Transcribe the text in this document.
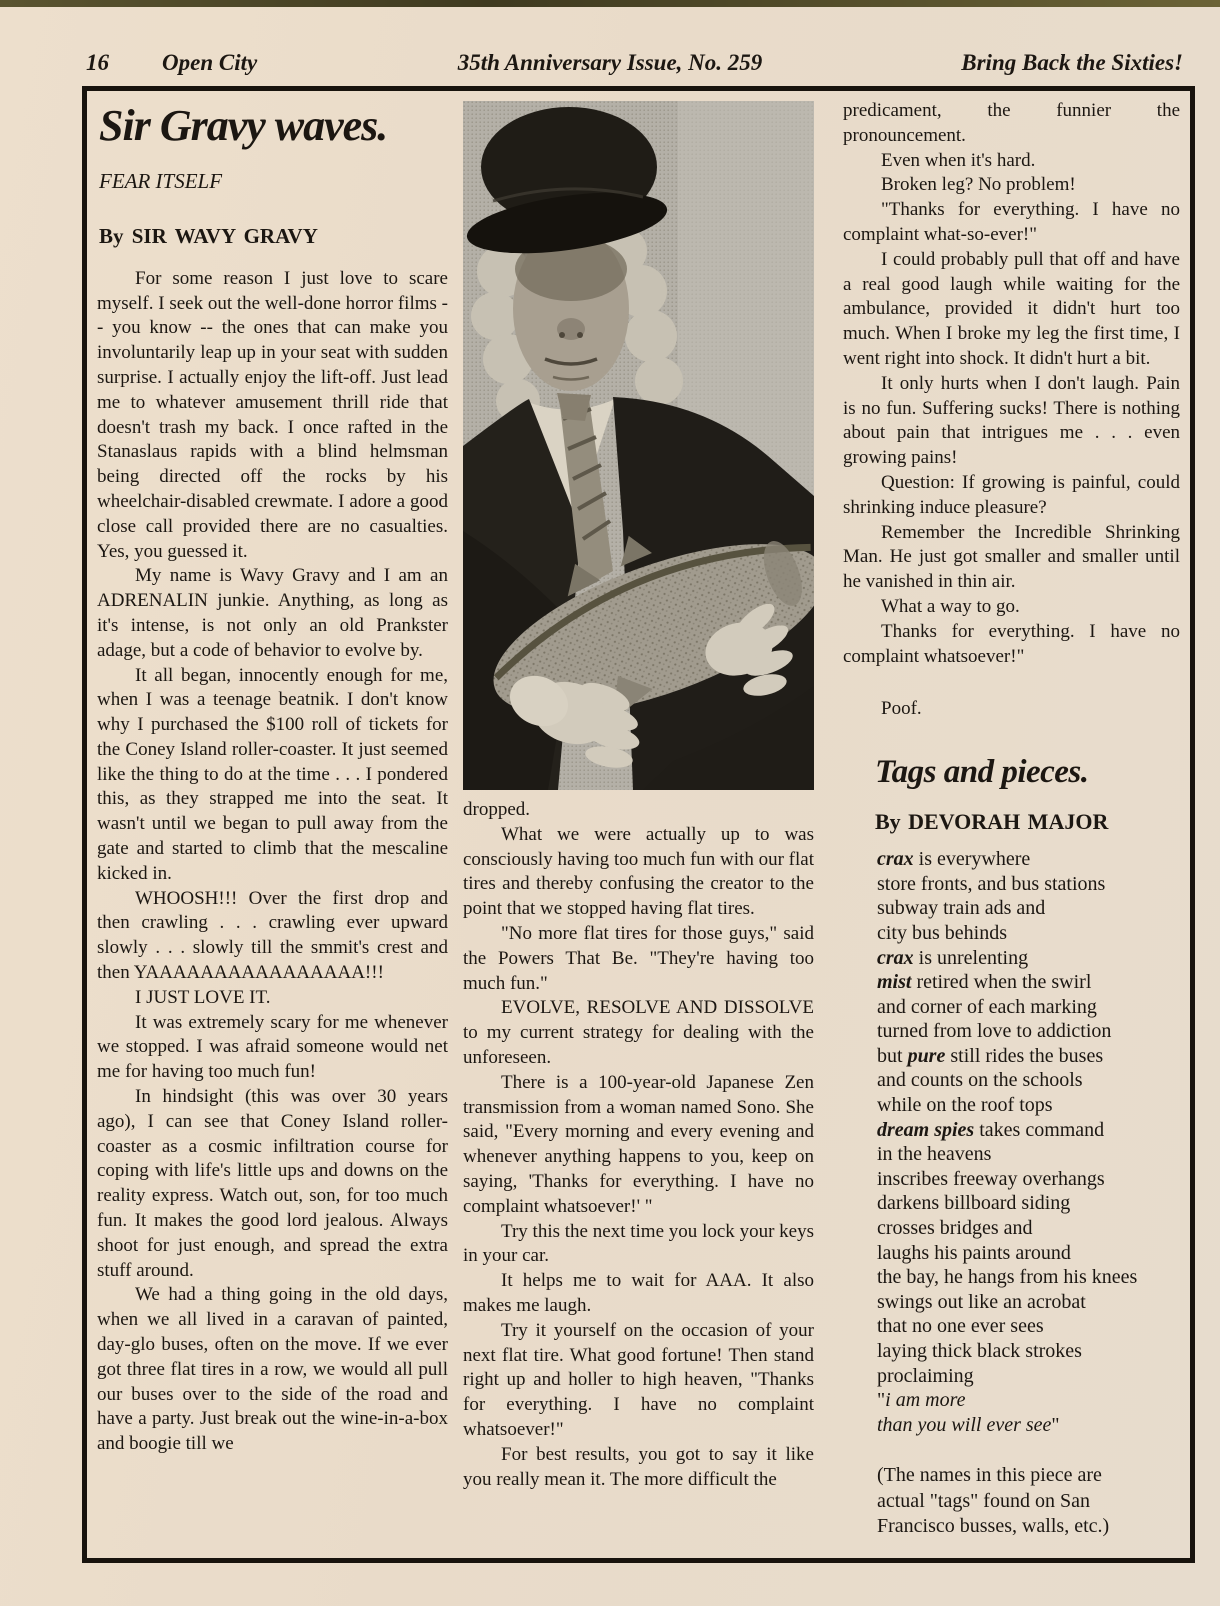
16 Open City	35th Anniversary Issue, No. 259	Bring Back the Sixties!
Sir Gravy waves.
FEAR ITSELF
By SIR WAVY GRAVY

For some reason I just love to scare myself. I seek out the well-done horror films -- you know -- the ones that can make you involuntarily leap up in your seat with sudden surprise. I actually enjoy the lift-off. Just lead me to whatever amusement thrill ride that doesn't trash my back. I once rafted in the Stanaslaus rapids with a blind helmsman being directed off the rocks by his wheelchair-disabled crewmate. I adore a good close call provided there are no casualties. Yes, you guessed it.

My name is Wavy Gravy and I am an ADRENALIN junkie. Anything, as long as it's intense, is not only an old Prankster adage, but a code of behavior to evolve by.

It all began, innocently enough for me, when I was a teenage beatnik. I don't know why I purchased the $100 roll of tickets for the Coney Island roller-coaster. It just seemed like the thing to do at the time . . . I pondered this, as they strapped me into the seat. It wasn't until we began to pull away from the gate and started to climb that the mescaline kicked in.

WHOOSH!!! Over the first drop and then crawling . . . crawling ever upward slowly . . . slowly till the smmit's crest and then YAAAAAAAAAAAAAAAA!!!

I JUST LOVE IT.

It was extremely scary for me whenever we stopped. I was afraid someone would net me for having too much fun!

In hindsight (this was over 30 years ago), I can see that Coney Island roller-coaster as a cosmic infiltration course for coping with life's little ups and downs on the reality express. Watch out, son, for too much fun. It makes the good lord jealous. Always shoot for just enough, and spread the extra stuff around.

We had a thing going in the old days, when we all lived in a caravan of painted, day-glo buses, often on the move. If we ever got three flat tires in a row, we would all pull our buses over to the side of the road and have a party. Just break out the wine-in-a-box and boogie till we

dropped.

What we were actually up to was consciously having too much fun with our flat tires and thereby confusing the creator to the point that we stopped having flat tires.

"No more flat tires for those guys," said the Powers That Be. "They're having too much fun."

EVOLVE, RESOLVE AND DISSOLVE to my current strategy for dealing with the unforeseen.

There is a 100-year-old Japanese Zen transmission from a woman named Sono. She said, "Every morning and every evening and whenever anything happens to you, keep on saying, 'Thanks for everything. I have no complaint whatsoever!' "

Try this the next time you lock your keys in your car.

It helps me to wait for AAA. It also makes me laugh.

Try it yourself on the occasion of your next flat tire. What good fortune! Then stand right up and holler to high heaven, "Thanks for everything. I have no complaint whatsoever!"

For best results, you got to say it like you really mean it. The more difficult the

predicament, the funnier the pronouncement.

Even when it's hard.

Broken leg? No problem!

"Thanks for everything. I have no complaint what-so-ever!"

I could probably pull that off and have a real good laugh while waiting for the ambulance, provided it didn't hurt too much. When I broke my leg the first time, I went right into shock. It didn't hurt a bit.

It only hurts when I don't laugh. Pain is no fun. Suffering sucks! There is nothing about pain that intrigues me . . . even growing pains!

Question: If growing is painful, could shrinking induce pleasure?

Remember the Incredible Shrinking Man. He just got smaller and smaller until he vanished in thin air.

What a way to go.

Thanks for everything. I have no complaint whatsoever!"

Poof.

Tags and pieces.
By DEVORAH MAJOR
crax is everywhere
store fronts, and bus stations
subway train ads and
city bus behinds
crax is unrelenting
mist retired when the swirl
and corner of each marking
turned from love to addiction
but pure still rides the buses
and counts on the schools
while on the roof tops
dream spies takes command
in the heavens
inscribes freeway overhangs
darkens billboard siding
crosses bridges and
laughs his paints around
the bay, he hangs from his knees
swings out like an acrobat
that no one ever sees
laying thick black strokes
proclaiming
"i am more
than you will ever see"

(The names in this piece are actual "tags" found on San Francisco busses, walls, etc.)
